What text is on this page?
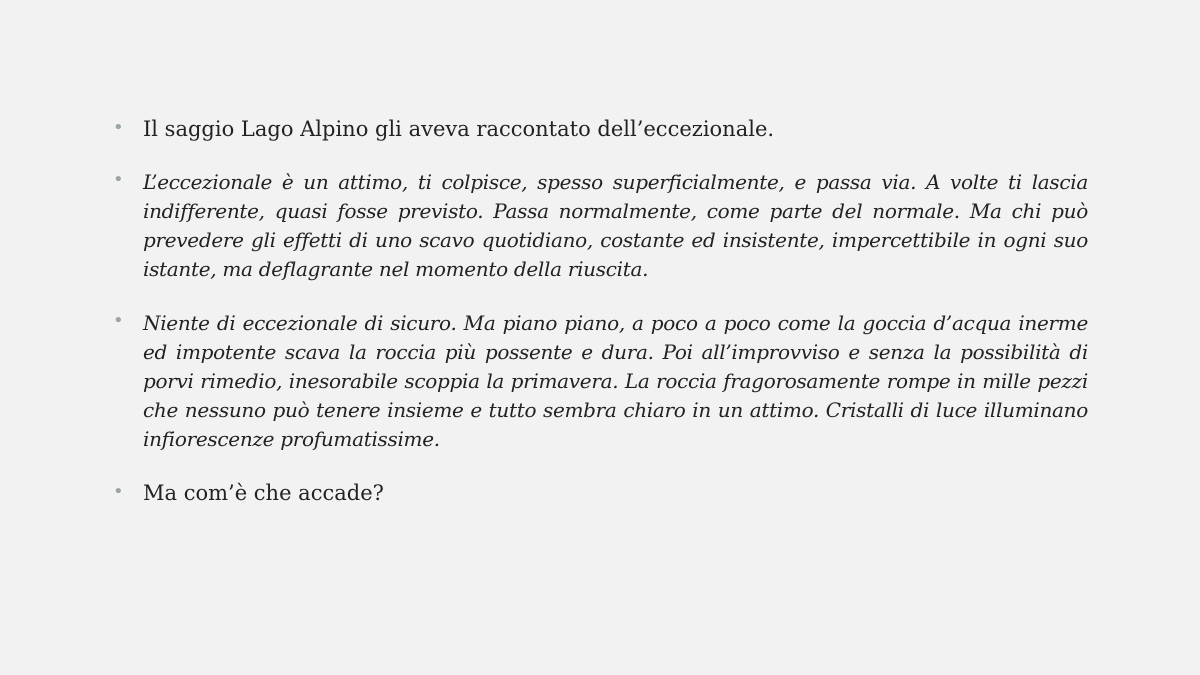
• Il saggio Lago Alpino gli aveva raccontato dell’eccezionale.
• L’eccezionale è un attimo, ti colpisce, spesso superficialmente, e passa via. A volte ti lascia indifferente, quasi fosse previsto. Passa normalmente, come parte del normale. Ma chi può prevedere gli effetti di uno scavo quotidiano, costante ed insistente, impercettibile in ogni suo istante, ma deflagrante nel momento della riuscita.
• Niente di eccezionale di sicuro. Ma piano piano, a poco a poco come la goccia d’acqua inerme ed impotente scava la roccia più possente e dura. Poi all’improvviso e senza la possibilità di porvi rimedio, inesorabile scoppia la primavera. La roccia fragorosamente rompe in mille pezzi che nessuno può tenere insieme e tutto sembra chiaro in un attimo. Cristalli di luce illuminano infiorescenze profumatissime.
• Ma com’è che accade?
